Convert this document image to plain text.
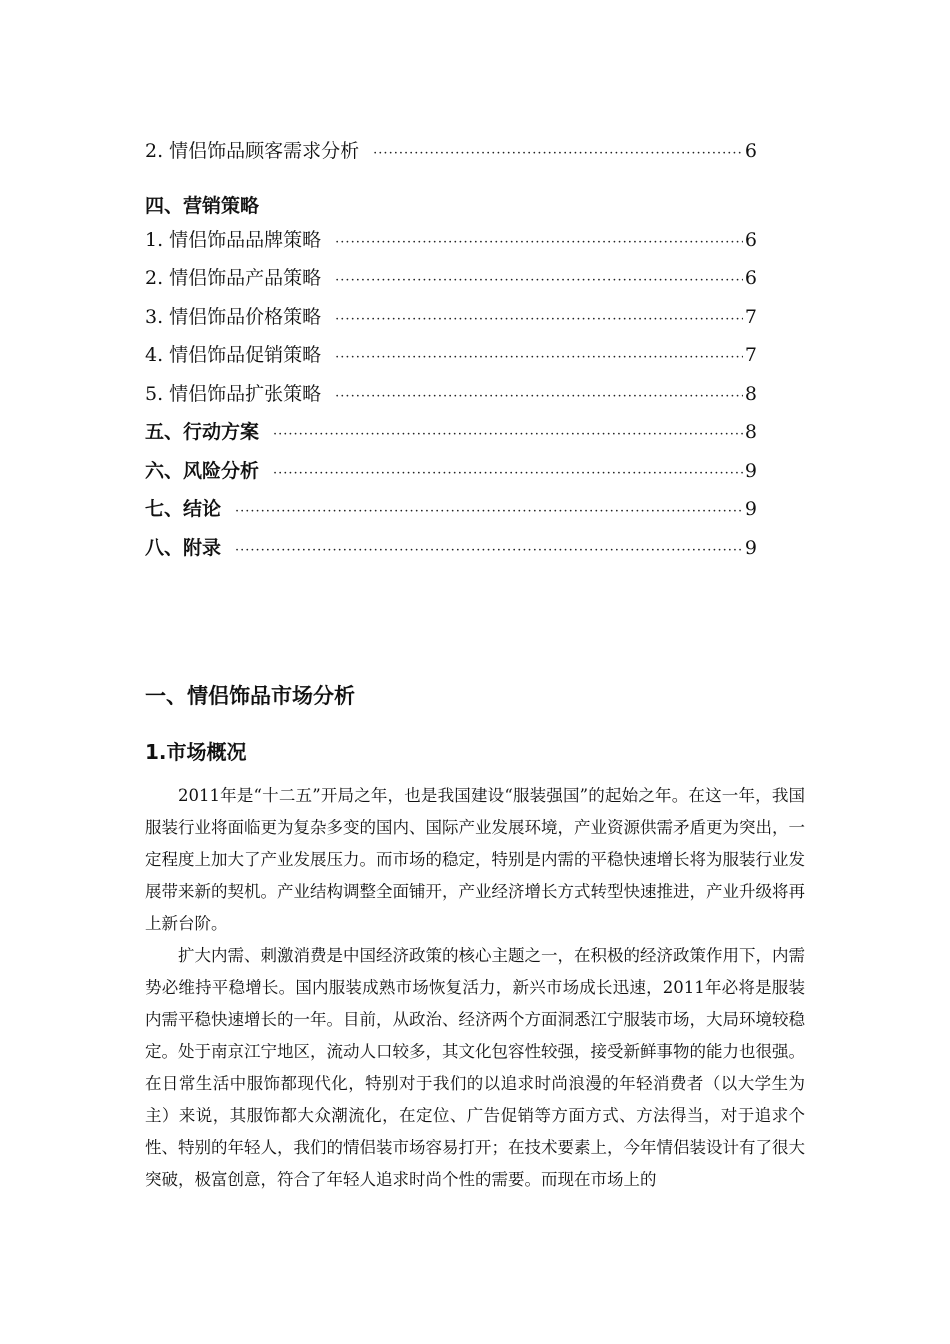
2. 情侣饰品顾客需求分析 ·····	6
四、营销策略
1. 情侣饰品品牌策略 ·····	6
2. 情侣饰品产品策略 ·····	6
3. 情侣饰品价格策略 ·····	7
4. 情侣饰品促销策略 ·····	7
5. 情侣饰品扩张策略 ·····	8
五、行动方案 ·····	8
六、风险分析 ·····	9
七、结论 ·····	9
八、附录 ·····	9
一、情侣饰品市场分析
1.市场概况

2011年是“十二五”开局之年，也是我国建设“服装强国”的起始之年。在这一年，我国服装行业将面临更为复杂多变的国内、国际产业发展环境，产业资源供需矛盾更为突出，一定程度上加大了产业发展压力。而市场的稳定，特别是内需的平稳快速增长将为服装行业发展带来新的契机。产业结构调整全面铺开，产业经济增长方式转型快速推进，产业升级将再上新台阶。

扩大内需、刺激消费是中国经济政策的核心主题之一，在积极的经济政策作用下，内需势必维持平稳增长。国内服装成熟市场恢复活力，新兴市场成长迅速，2011年必将是服装内需平稳快速增长的一年。目前，从政治、经济两个方面洞悉江宁服装市场，大局环境较稳定。处于南京江宁地区，流动人口较多，其文化包容性较强，接受新鲜事物的能力也很强。在日常生活中服饰都现代化，特别对于我们的以追求时尚浪漫的年轻消费者（以大学生为主）来说，其服饰都大众潮流化，在定位、广告促销等方面方式、方法得当，对于追求个性、特别的年轻人，我们的情侣装市场容易打开；在技术要素上，今年情侣装设计有了很大突破，极富创意，符合了年轻人追求时尚个性的需要。而现在市场上的
